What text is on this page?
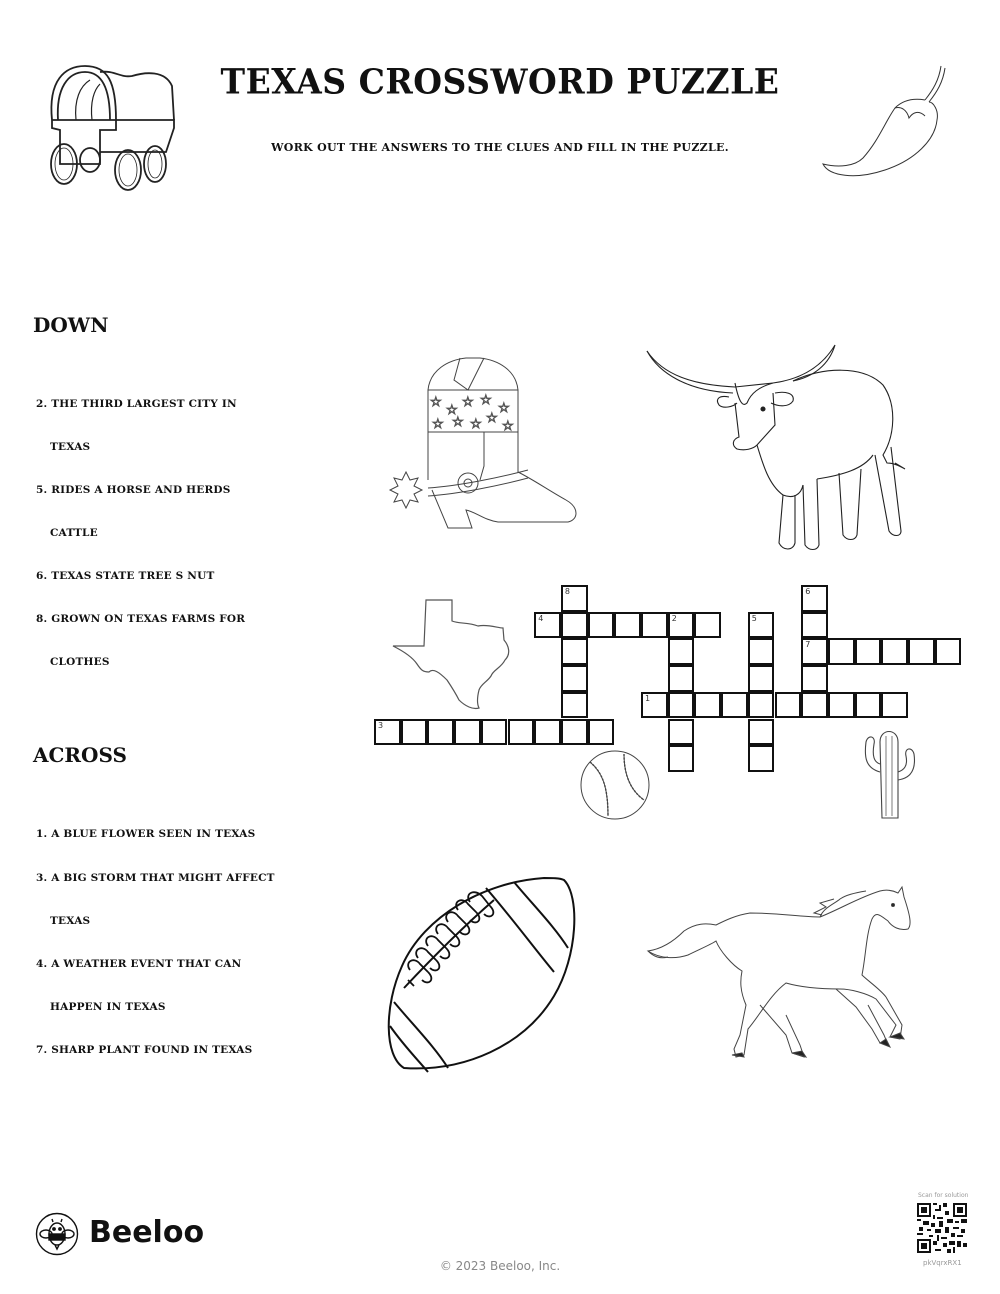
TEXAS CROSSWORD PUZZLE
WORK OUT THE ANSWERS TO THE CLUES AND FILL IN THE PUZZLE.
DOWN
2. THE THIRD LARGEST CITY IN
TEXAS
5. RIDES A HORSE AND HERDS
CATTLE
6. TEXAS STATE TREE S NUT
8. GROWN ON TEXAS FARMS FOR
CLOTHES
ACROSS
1. A BLUE FLOWER SEEN IN TEXAS
3. A BIG STORM THAT MIGHT AFFECT
TEXAS
4. A WEATHER EVENT THAT CAN
HAPPEN IN TEXAS
7. SHARP PLANT FOUND IN TEXAS
☆
☆
☆ ☆
☆
☆ ☆ ☆ ☆
☆
8
4	2	5
6
7
1
3
Beeloo
© 2023 Beeloo, Inc.
Scan for solution
pkVqrxRX1
